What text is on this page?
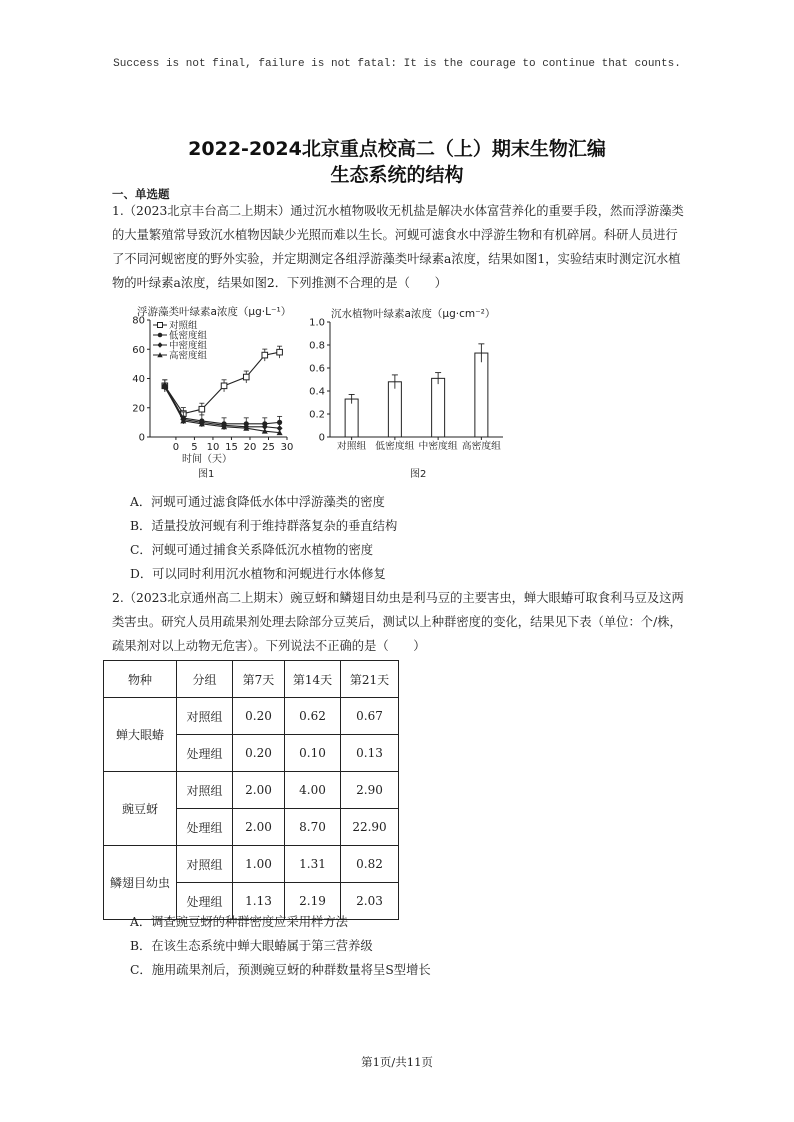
Success is not final, failure is not fatal: It is the courage to continue that counts.
2022-2024北京重点校高二（上）期末生物汇编
生态系统的结构
一、单选题

1.（2023北京丰台高二上期末）通过沉水植物吸收无机盐是解决水体富营养化的重要手段，然而浮游藻类

的大量繁殖常导致沉水植物因缺少光照而难以生长。河蚬可滤食水中浮游生物和有机碎屑。科研人员进行

了不同河蚬密度的野外实验，并定期测定各组浮游藻类叶绿素a浓度，结果如图1，实验结束时测定沉水植

物的叶绿素a浓度，结果如图2．下列推测不合理的是（　　）

浮游藻类叶绿素a浓度（μg·L⁻¹）
0
20
40
60
80
0 5 10 15 20 25 30
对照组
低密度组
中密度组
高密度组
时间（天）
图1
沉水植物叶绿素a浓度（μg·cm⁻²）
0
0.2
0.4
0.6
0.8
1.0
对照组 低密度组 中密度组 高密度组
图2
A．河蚬可通过滤食降低水体中浮游藻类的密度
B．适量投放河蚬有利于维持群落复杂的垂直结构
C．河蚬可通过捕食关系降低沉水植物的密度
D．可以同时利用沉水植物和河蚬进行水体修复

2.（2023北京通州高二上期末）豌豆蚜和鳞翅目幼虫是利马豆的主要害虫，蝉大眼蝽可取食利马豆及这两

类害虫。研究人员用疏果剂处理去除部分豆荚后，测试以上种群密度的变化，结果见下表（单位：个/株，

疏果剂对以上动物无危害）。下列说法不正确的是（　　）

物种	分组	第7天	第14天	第21天
蝉大眼蝽	对照组	0.20	0.62	0.67
	处理组	0.20	0.10	0.13
豌豆蚜	对照组	2.00	4.00	2.90
	处理组	2.00	8.70	22.90
鳞翅目幼虫	对照组	1.00	1.31	0.82
	处理组	1.13	2.19	2.03
A．调查豌豆蚜的种群密度应采用样方法
B．在该生态系统中蝉大眼蝽属于第三营养级
C．施用疏果剂后，预测豌豆蚜的种群数量将呈S型增长
第1页/共11页
